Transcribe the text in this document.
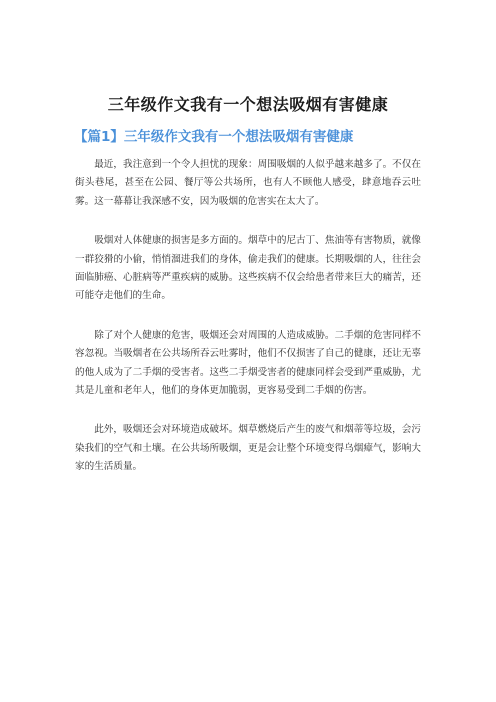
三年级作文我有一个想法吸烟有害健康
【篇1】三年级作文我有一个想法吸烟有害健康

最近，我注意到一个令人担忧的现象：周围吸烟的人似乎越来越多了。不仅在街头巷尾，甚至在公园、餐厅等公共场所，也有人不顾他人感受，肆意地吞云吐雾。这一幕幕让我深感不安，因为吸烟的危害实在太大了。

吸烟对人体健康的损害是多方面的。烟草中的尼古丁、焦油等有害物质，就像一群狡猾的小偷，悄悄溜进我们的身体，偷走我们的健康。长期吸烟的人，往往会面临肺癌、心脏病等严重疾病的威胁。这些疾病不仅会给患者带来巨大的痛苦，还可能夺走他们的生命。

除了对个人健康的危害，吸烟还会对周围的人造成威胁。二手烟的危害同样不容忽视。当吸烟者在公共场所吞云吐雾时，他们不仅损害了自己的健康，还让无辜的他人成为了二手烟的受害者。这些二手烟受害者的健康同样会受到严重威胁，尤其是儿童和老年人，他们的身体更加脆弱，更容易受到二手烟的伤害。

此外，吸烟还会对环境造成破坏。烟草燃烧后产生的废气和烟蒂等垃圾，会污染我们的空气和土壤。在公共场所吸烟，更是会让整个环境变得乌烟瘴气，影响大家的生活质量。
